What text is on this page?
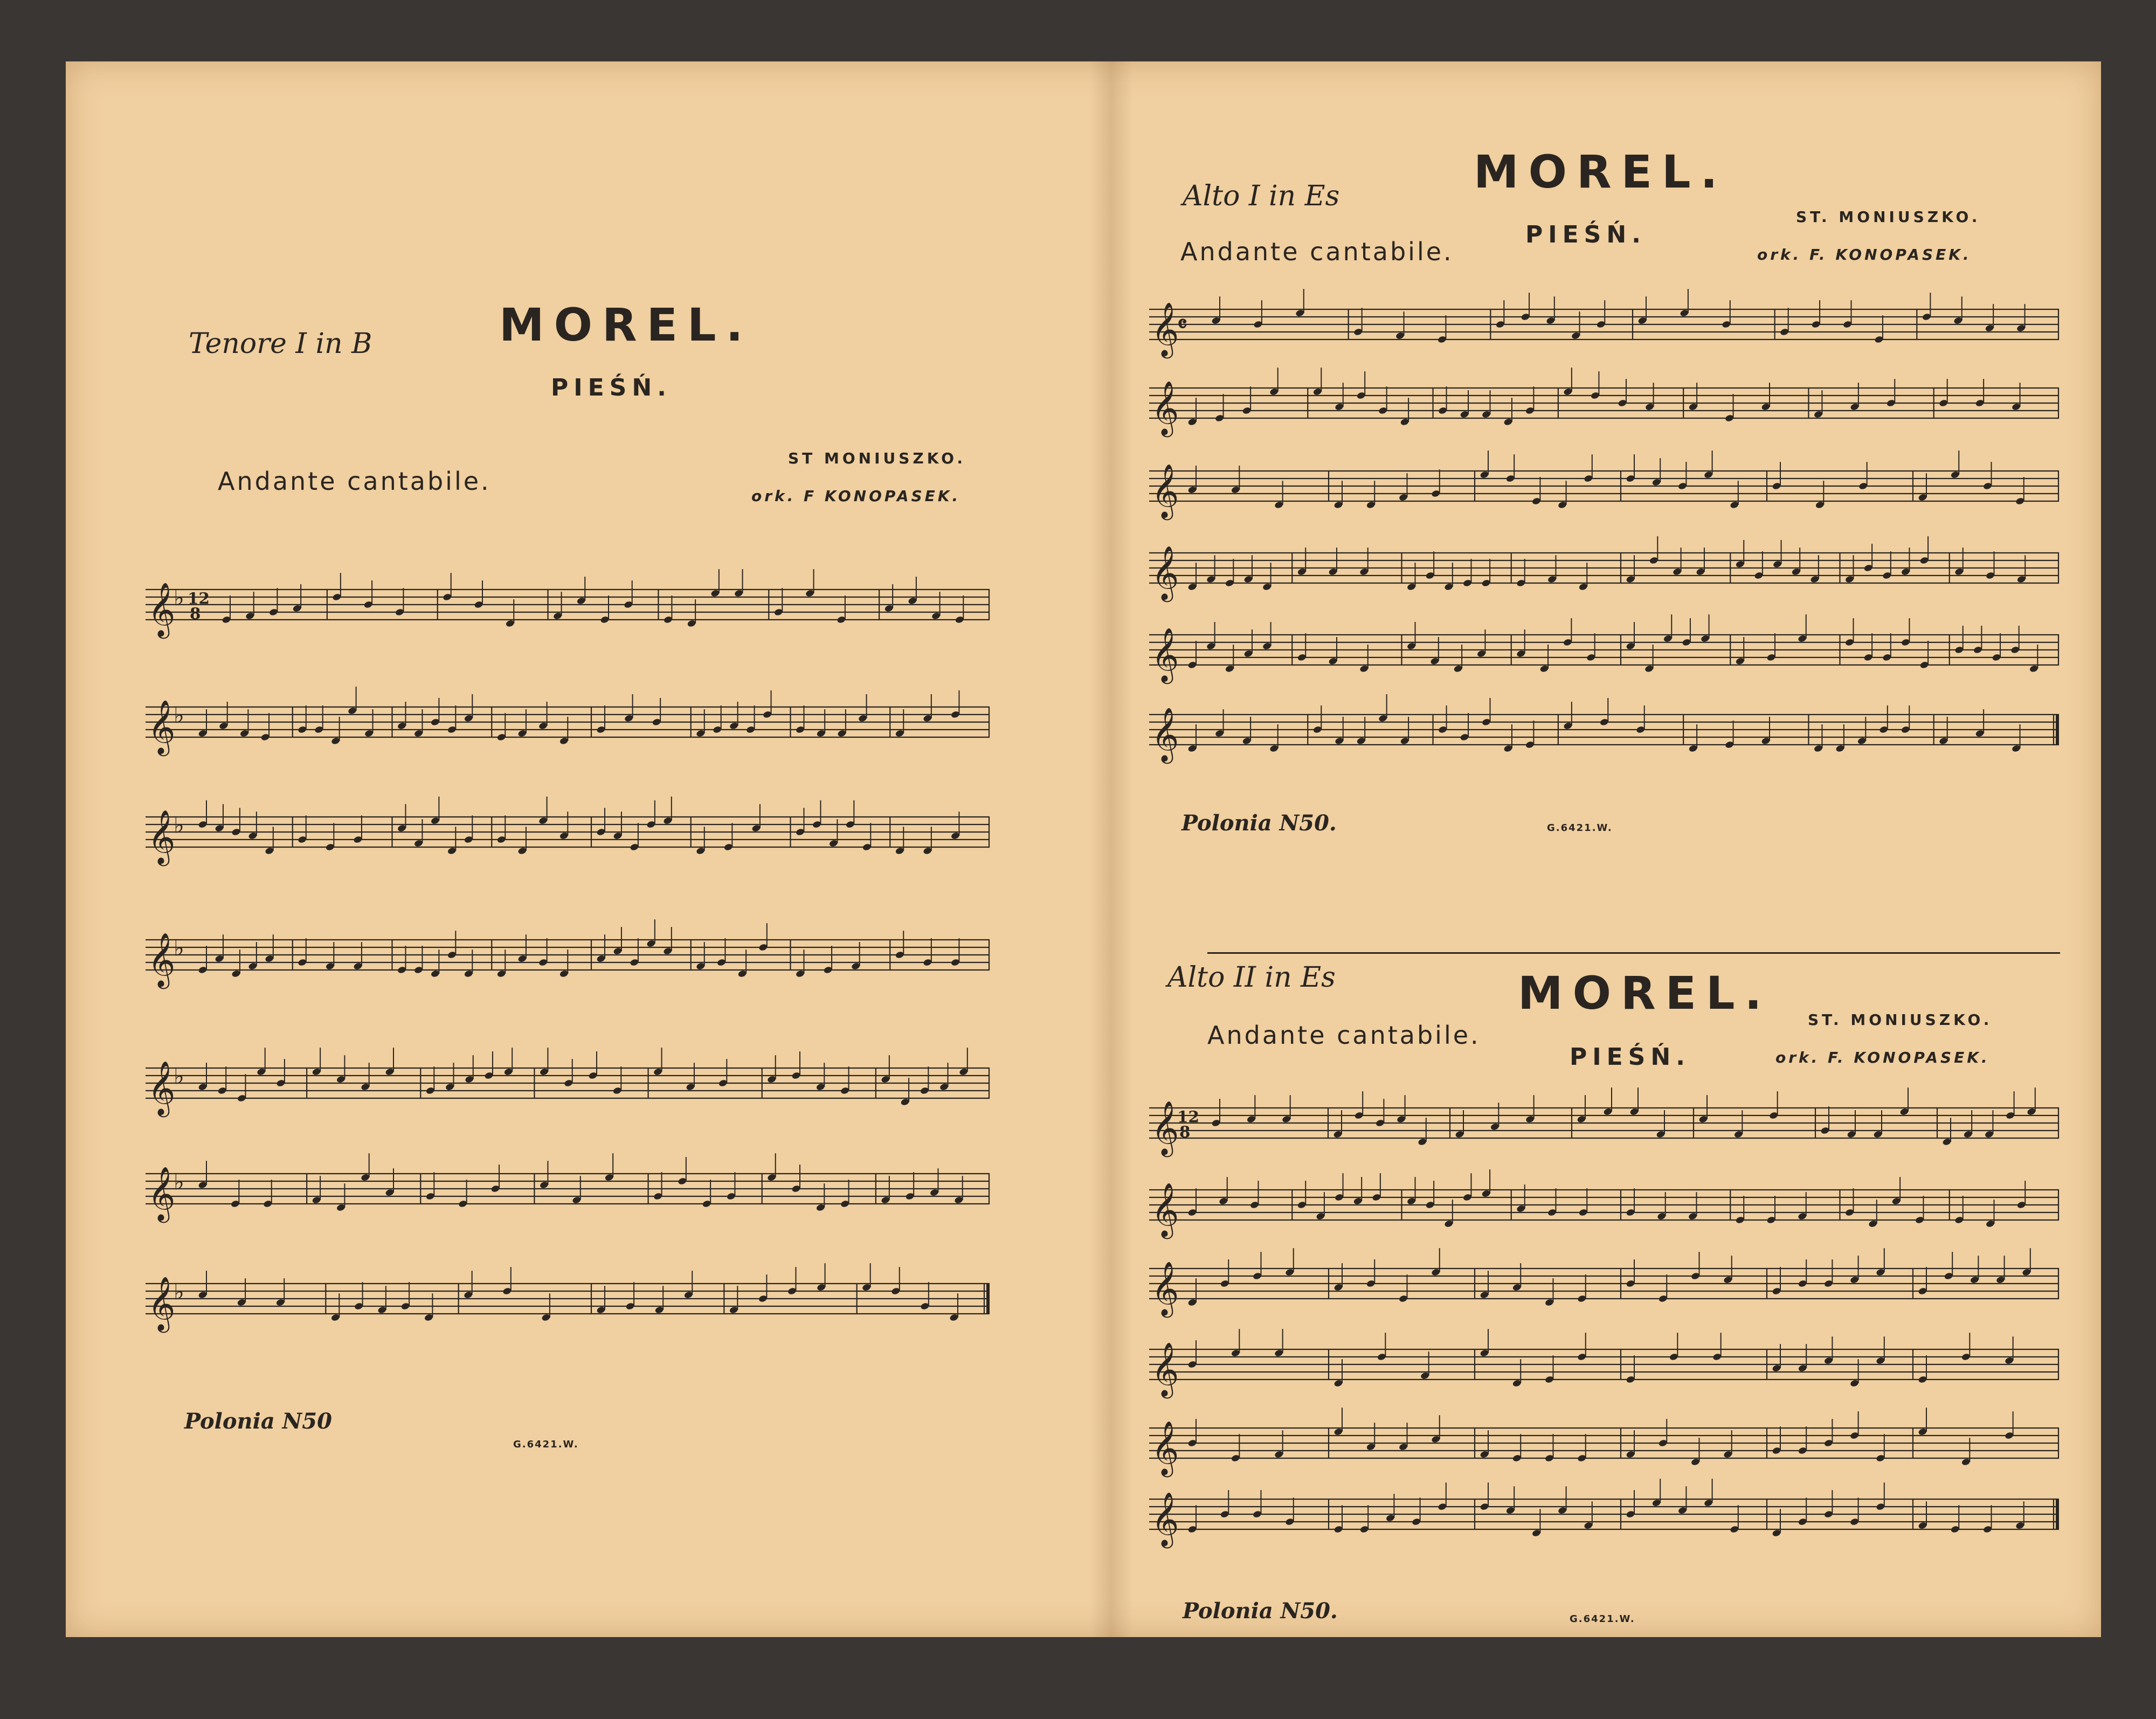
Tenore I in B	MOREL.
PIEŚŃ.
Andante cantabile.
ST MONIUSZKO.
ork. F KONOPASEK.
𝄞
♭ 12
8
𝄞
♭
𝄞
♭
𝄞
♭
𝄞
♭
𝄞
♭
𝄞
♭
Polonia N50
G.6421.W.
Alto I in Es	MOREL.
PIEŚŃ.
Andante cantabile.
ST. MONIUSZKO.
ork. F. KONOPASEK.
𝄞
𝄴
𝄞
𝄞
𝄞
𝄞
𝄞
Polonia N50.	G.6421.W.
Alto II in Es	MOREL.
Andante cantabile.
PIEŚŃ.
ST. MONIUSZKO.
ork. F. KONOPASEK.
𝄞
12
8
𝄞
𝄞
𝄞
𝄞
𝄞
Polonia N50.	G.6421.W.
